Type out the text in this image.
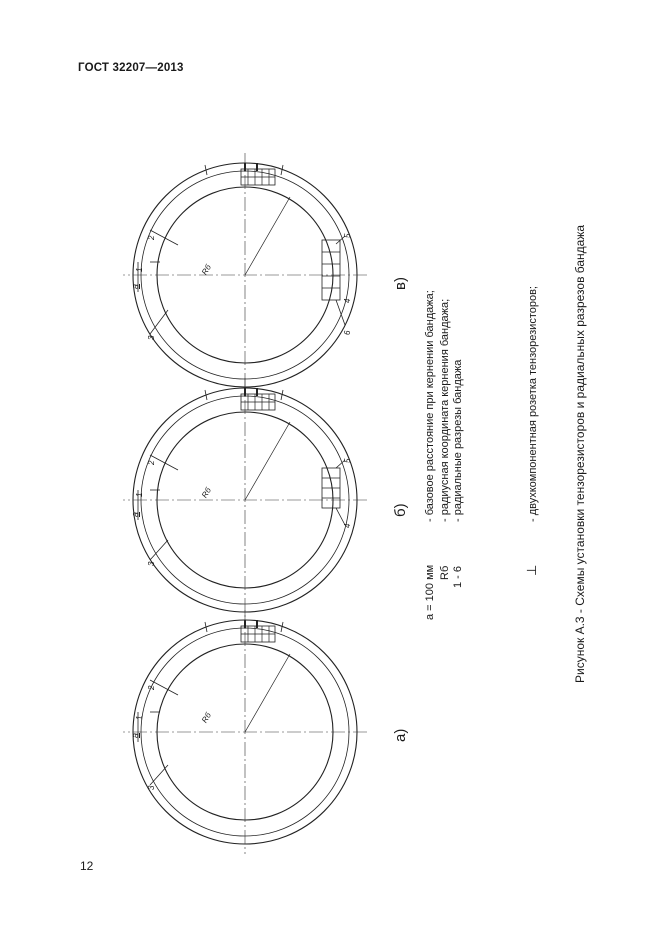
ГОСТ 32207—2013
2
1
a
3
5
4
6
Rб
2
1
a
3
5
4
Rб
2
1
a
3
Rб
а)
б)
в)
а = 100 мм
- базовое расстояние при кернении бандажа;
Rб
- радиусная координата кернения бандажа;
1 - 6
- радиальные разрезы бандажа
⊥
- двухкомпонентная розетка тензорезисторов;	Рисунок А.3 - Схемы установки тензорезисторов и радиальных разрезов бандажа
12
